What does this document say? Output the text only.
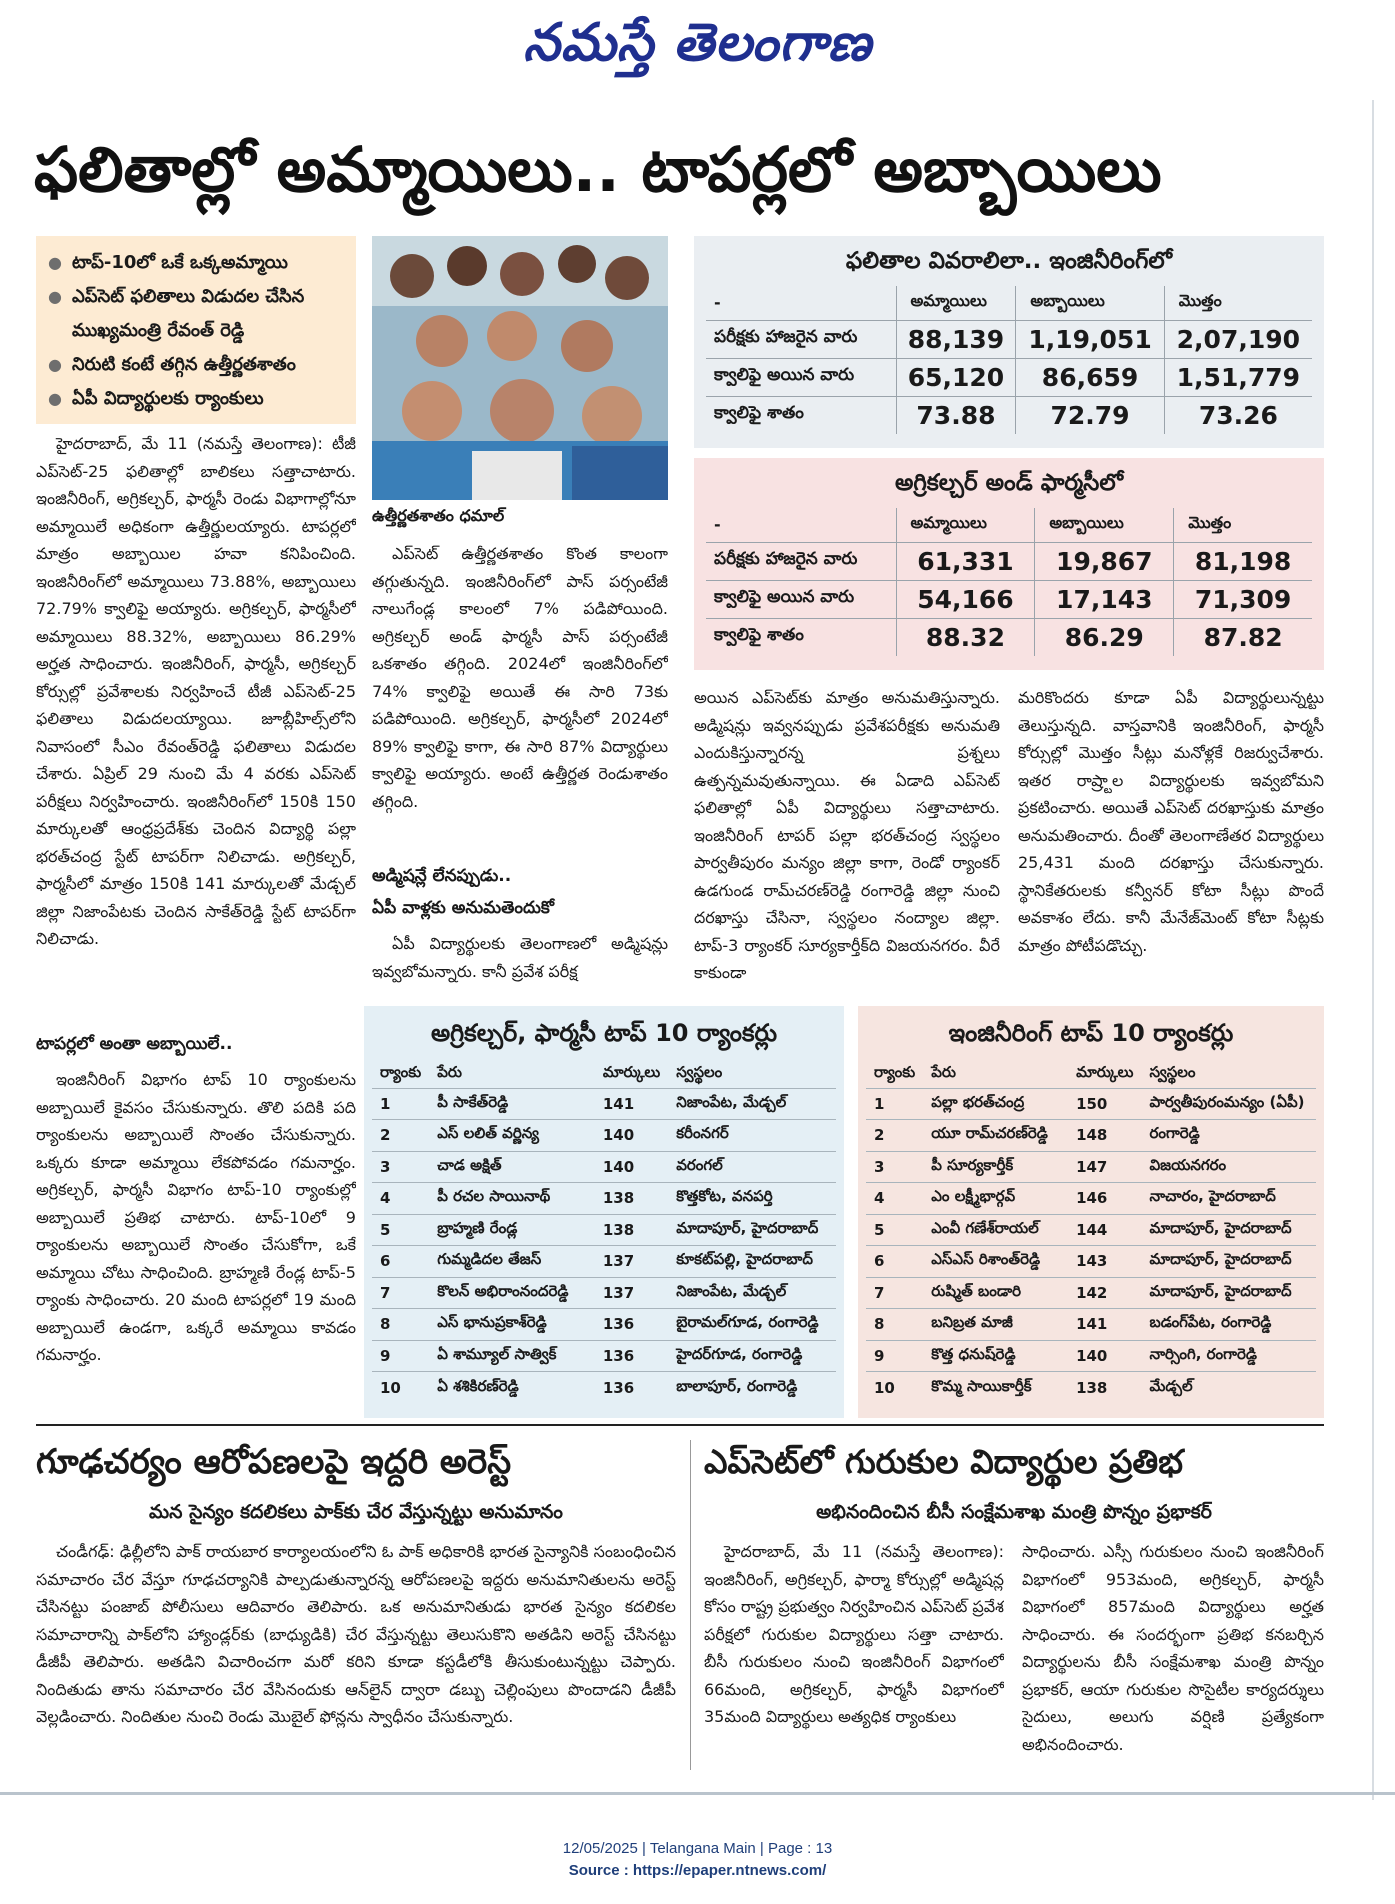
నమస్తే తెలంగాణ
ఫలితాల్లో అమ్మాయిలు.. టాపర్లలో అబ్బాయిలు
● టాప్-10లో ఒకే ఒక్కఅమ్మాయి
● ఎప్‌సెట్ ఫలితాలు విడుదల చేసిన
ముఖ్యమంత్రి రేవంత్ రెడ్డి
● నిరుటి కంటే తగ్గిన ఉత్తీర్ణతశాతం
● ఏపీ విద్యార్థులకు ర్యాంకులు

హైదరాబాద్, మే 11 (నమస్తే తెలంగాణ): టీజీ ఎప్‌సెట్-25 ఫలితాల్లో బాలికలు సత్తాచాటారు. ఇంజినీరింగ్, అగ్రికల్చర్, ఫార్మసీ రెండు విభాగాల్లోనూ అమ్మాయిలే అధికంగా ఉత్తీర్ణులయ్యారు. టాపర్లలో మాత్రం అబ్బాయిల హవా కనిపించింది. ఇంజినీరింగ్‌లో అమ్మాయిలు 73.88%, అబ్బాయిలు 72.79% క్వాలిఫై అయ్యారు. అగ్రికల్చర్, ఫార్మసీలో అమ్మాయిలు 88.32%, అబ్బాయిలు 86.29% అర్హత సాధించారు. ఇంజినీరింగ్, ఫార్మసీ, అగ్రికల్చర్ కోర్సుల్లో ప్రవేశాలకు నిర్వహించే టీజీ ఎప్‌సెట్-25 ఫలితాలు విడుదలయ్యాయి. జూబ్లీహిల్స్‌లోని నివాసంలో సీఎం రేవంత్‌రెడ్డి ఫలితాలు విడుదల చేశారు. ఏప్రిల్ 29 నుంచి మే 4 వరకు ఎప్‌సెట్ పరీక్షలు నిర్వహించారు. ఇంజినీరింగ్‌లో 150కి 150 మార్కులతో ఆంధ్రప్రదేశ్‌కు చెందిన విద్యార్థి పల్లా భరత్‌చంద్ర స్టేట్ టాపర్‌గా నిలిచాడు. అగ్రికల్చర్, ఫార్మసీలో మాత్రం 150కి 141 మార్కులతో మేడ్చల్ జిల్లా నిజాంపేటకు చెందిన సాకేత్‌రెడ్డి స్టేట్ టాపర్‌గా నిలిచాడు.

టాపర్లలో అంతా అబ్బాయిలే..

ఇంజినీరింగ్ విభాగం టాప్ 10 ర్యాంకులను అబ్బాయిలే కైవసం చేసుకున్నారు. తొలి పదికి పది ర్యాంకులను అబ్బాయిలే సొంతం చేసుకున్నారు. ఒక్కరు కూడా అమ్మాయి లేకపోవడం గమనార్హం. అగ్రికల్చర్, ఫార్మసీ విభాగం టాప్-10 ర్యాంకుల్లో అబ్బాయిలే ప్రతిభ చాటారు. టాప్-10లో 9 ర్యాంకులను అబ్బాయిలే సొంతం చేసుకోగా, ఒకే అమ్మాయి చోటు సాధించింది. బ్రాహ్మణి రేండ్ల టాప్-5 ర్యాంకు సాధించారు. 20 మంది టాపర్లలో 19 మంది అబ్బాయిలే ఉండగా, ఒక్కరే అమ్మాయి కావడం గమనార్హం.

ఉత్తీర్ణతశాతం ధమాల్

ఎప్‌సెట్ ఉత్తీర్ణతశాతం కొంత కాలంగా తగ్గుతున్నది. ఇంజినీరింగ్‌లో పాస్ పర్సంటేజీ నాలుగేండ్ల కాలంలో 7% పడిపోయింది. అగ్రికల్చర్ అండ్ ఫార్మసీ పాస్ పర్సంటేజీ ఒకశాతం తగ్గింది. 2024లో ఇంజినీరింగ్‌లో 74% క్వాలిఫై అయితే ఈ సారి 73కు పడిపోయింది. అగ్రికల్చర్, ఫార్మసీలో 2024లో 89% క్వాలిఫై కాగా, ఈ సారి 87% విద్యార్థులు క్వాలిఫై అయ్యారు. అంటే ఉత్తీర్ణత రెండుశాతం తగ్గింది.

అడ్మిషన్లే లేనప్పుడు..
ఏపీ వాళ్లకు అనుమతెందుకో

ఏపీ విద్యార్థులకు తెలంగాణలో అడ్మిషన్లు ఇవ్వబోమన్నారు. కానీ ప్రవేశ పరీక్ష

ఫలితాల వివరాలిలా.. ఇంజినీరింగ్‌లో
-	అమ్మాయిలు	అబ్బాయిలు	మొత్తం
పరీక్షకు హాజరైన వారు	88,139	1,19,051	2,07,190
క్వాలిఫై అయిన వారు	65,120	86,659	1,51,779
క్వాలిఫై శాతం	73.88	72.79	73.26
అగ్రికల్చర్ అండ్ ఫార్మసీలో
-	అమ్మాయిలు	అబ్బాయిలు	మొత్తం
పరీక్షకు హాజరైన వారు	61,331	19,867	81,198
క్వాలిఫై అయిన వారు	54,166	17,143	71,309
క్వాలిఫై శాతం	88.32	86.29	87.82

అయిన ఎప్‌సెట్‌కు మాత్రం అనుమతిస్తున్నారు. అడ్మిషన్లు ఇవ్వనప్పుడు ప్రవేశపరీక్షకు అనుమతి ఎందుకిస్తున్నారన్న ప్రశ్నలు ఉత్పన్నమవుతున్నాయి. ఈ ఏడాది ఎప్‌సెట్ ఫలితాల్లో ఏపీ విద్యార్థులు సత్తాచాటారు. ఇంజినీరింగ్ టాపర్ పల్లా భరత్‌చంద్ర స్వస్థలం పార్వతీపురం మన్యం జిల్లా కాగా, రెండో ర్యాంకర్ ఉడగుండ రామ్‌చరణ్‌రెడ్డి రంగారెడ్డి జిల్లా నుంచి దరఖాస్తు చేసినా, స్వస్థలం నంద్యాల జిల్లా. టాప్-3 ర్యాంకర్ సూర్యకార్తీక్‌ది విజయనగరం. వీరే కాకుండా

మరికొందరు కూడా ఏపీ విద్యార్థులున్నట్టు తెలుస్తున్నది. వాస్తవానికి ఇంజినీరింగ్, ఫార్మసీ కోర్సుల్లో మొత్తం సీట్లు మనోళ్లకే రిజర్వుచేశారు. ఇతర రాష్ర్టాల విద్యార్థులకు ఇవ్వబోమని ప్రకటించారు. అయితే ఎప్‌సెట్ దరఖాస్తుకు మాత్రం అనుమతించారు. దీంతో తెలంగాణేతర విద్యార్థులు 25,431 మంది దరఖాస్తు చేసుకున్నారు. స్థానికేతరులకు కన్వీనర్ కోటా సీట్లు పొందే అవకాశం లేదు. కానీ మేనేజ్‌మెంట్ కోటా సీట్లకు మాత్రం పోటీపడొచ్చు.

అగ్రికల్చర్, ఫార్మసీ టాప్ 10 ర్యాంకర్లు
ర్యాంకు	పేరు	మార్కులు	స్వస్థలం
1	పీ సాకేత్‌రెడ్డి	141	నిజాంపేట, మేడ్చల్
2	ఎస్ లలిత్ వర్ణిన్య	140	కరీంనగర్
3	చాడ అక్షిత్	140	వరంగల్
4	పీ రచల సాయినాథ్	138	కొత్తకోట, వనపర్తి
5	బ్రాహ్మణి రేండ్ల	138	మాదాపూర్, హైదరాబాద్
6	గుమ్మడిదల తేజస్	137	కూకట్‌పల్లి, హైదరాబాద్
7	కొలన్ అభిరాంనందరెడ్డి	137	నిజాంపేట, మేడ్చల్
8	ఎస్ భానుప్రకాశ్‌రెడ్డి	136	బైరామల్‌గూడ, రంగారెడ్డి
9	ఏ శామ్యూల్ సాత్విక్	136	హైదర్‌గూడ, రంగారెడ్డి
10	ఏ శశికిరణ్‌రెడ్డి	136	బాలాపూర్, రంగారెడ్డి
ఇంజినీరింగ్ టాప్ 10 ర్యాంకర్లు
ర్యాంకు	పేరు	మార్కులు	స్వస్థలం
1	పల్లా భరత్‌చంద్ర	150	పార్వతీపురంమన్యం (ఏపీ)
2	యూ రామ్‌చరణ్‌రెడ్డి	148	రంగారెడ్డి
3	పీ సూర్యకార్తీక్	147	విజయనగరం
4	ఎం లక్ష్మీభార్గవ్	146	నాచారం, హైదరాబాద్
5	ఎంవీ గణేశ్‌రాయల్	144	మాదాపూర్, హైదరాబాద్
6	ఎస్ఎస్ రిశాంత్‌రెడ్డి	143	మాదాపూర్, హైదరాబాద్
7	రుష్మిత్ బండారి	142	మాదాపూర్, హైదరాబాద్
8	బనిబ్రత మాజీ	141	బడంగ్‌పేట, రంగారెడ్డి
9	కొత్త ధనుష్‌రెడ్డి	140	నార్సింగి, రంగారెడ్డి
10	కొమ్మ సాయికార్తీక్	138	మేడ్చల్
గూఢచర్యం ఆరోపణలపై ఇద్దరి అరెస్ట్
మన సైన్యం కదలికలు పాక్‌కు చేర వేస్తున్నట్టు అనుమానం

చండీగఢ్: ఢిల్లీలోని పాక్ రాయబార కార్యాలయంలోని ఓ పాక్ అధికారికి భారత సైన్యానికి సంబంధించిన సమాచారం చేర వేస్తూ గూఢచర్యానికి పాల్పడుతున్నారన్న ఆరోపణలపై ఇద్దరు అనుమానితులను అరెస్ట్ చేసినట్టు పంజాబ్ పోలీసులు ఆదివారం తెలిపారు. ఒక అనుమానితుడు భారత సైన్యం కదలికల సమాచారాన్ని పాక్‌లోని హ్యాండ్లర్‌కు (బాధ్యుడికి) చేర వేస్తున్నట్టు తెలుసుకొని అతడిని అరెస్ట్ చేసినట్టు డీజీపీ తెలిపారు. అతడిని విచారించగా మరో కరిని కూడా కస్టడీలోకి తీసుకుంటున్నట్టు చెప్పారు. నిందితుడు తాను సమాచారం చేర వేసినందుకు ఆన్‌లైన్ ద్వారా డబ్బు చెల్లింపులు పొందాడని డీజీపీ వెల్లడించారు. నిందితుల నుంచి రెండు మొబైల్ ఫోన్లను స్వాధీనం చేసుకున్నారు.

ఎప్‌సెట్‌లో గురుకుల విద్యార్థుల ప్రతిభ
అభినందించిన బీసీ సంక్షేమశాఖ మంత్రి పొన్నం ప్రభాకర్

హైదరాబాద్, మే 11 (నమస్తే తెలంగాణ): ఇంజినీరింగ్, అగ్రికల్చర్, ఫార్మా కోర్సుల్లో అడ్మిషన్ల కోసం రాష్ట్ర ప్రభుత్వం నిర్వహించిన ఎప్‌సెట్ ప్రవేశ పరీక్షలో గురుకుల విద్యార్థులు సత్తా చాటారు. బీసీ గురుకులం నుంచి ఇంజినీరింగ్ విభాగంలో 66మంది, అగ్రికల్చర్, ఫార్మసీ విభాగంలో 35మంది విద్యార్థులు అత్యధిక ర్యాంకులు

సాధించారు. ఎస్సీ గురుకులం నుంచి ఇంజినీరింగ్ విభాగంలో 953మంది, అగ్రికల్చర్, ఫార్మసీ విభాగంలో 857మంది విద్యార్థులు అర్హత సాధించారు. ఈ సందర్భంగా ప్రతిభ కనబర్చిన విద్యార్థులను బీసీ సంక్షేమశాఖ మంత్రి పొన్నం ప్రభాకర్, ఆయా గురుకుల సొసైటీల కార్యదర్శులు సైదులు, అలుగు వర్షిణి ప్రత్యేకంగా అభినందించారు.

12/05/2025 | Telangana Main | Page : 13
Source : https://epaper.ntnews.com/
